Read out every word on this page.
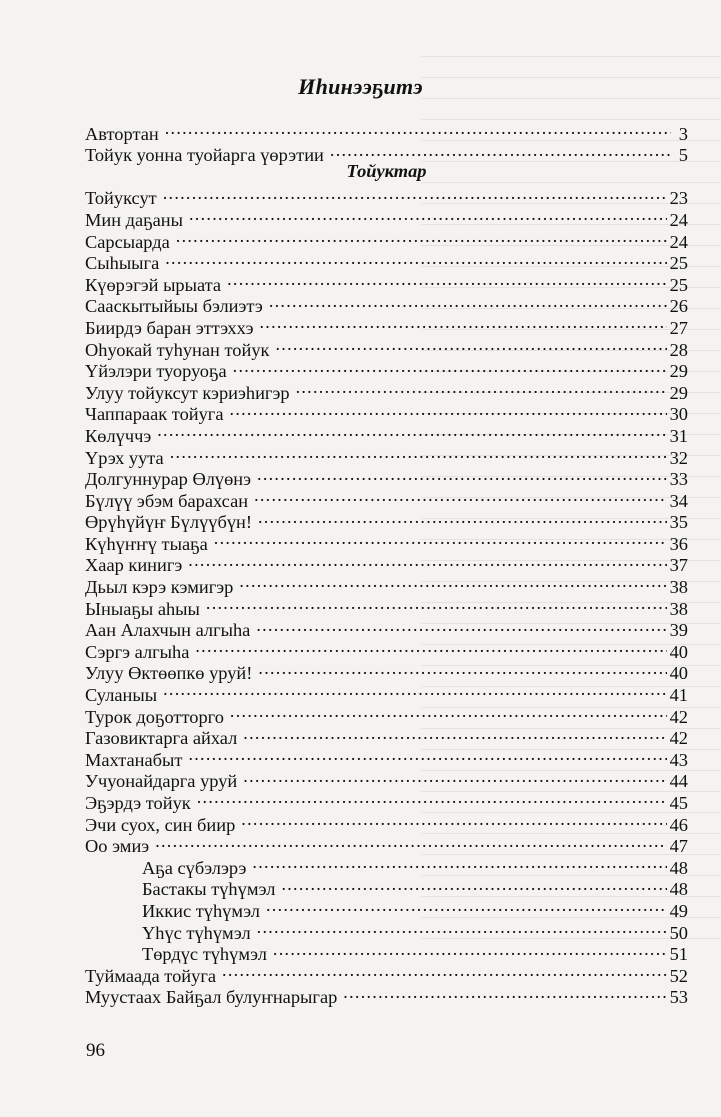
Иһинээҕитэ
Автортан . . .	3
Тойук уонна туойарга үөрэтии . . .	5
Тойуктар
Тойуксут . . .	23
Мин даҕаны . . .	24
Сарсыарда . . .	24
Сыһыыга . . .	25
Күөрэгэй ырыата . . .	25
Сааскытыйыы бэлиэтэ . . .	26
Биирдэ баран эттэххэ . . .	27
Оһуокай туһунан тойук . . .	28
Үйэлэри туоруоҕа . . .	29
Улуу тойуксут кэриэһигэр . . .	29
Чаппараак тойуга . . .	30
Көлүччэ . . .	31
Үрэх уута . . .	32
Долгуннурар Өлүөнэ . . .	33
Бүлүү эбэм барахсан . . .	34
Өрүһүйүҥ Бүлүүбүн! . . .	35
Күһүҥҥү тыаҕа . . .	36
Хаар кинигэ . . .	37
Дьыл кэрэ кэмигэр . . .	38
Ыныаҕы аһыы . . .	38
Аан Алахчын алгыһа . . .	39
Сэргэ алгыһа . . .	40
Улуу Өктөөпкө уруй! . . .	40
Суланыы . . .	41
Турок доҕотторго . . .	42
Газовиктарга айхал . . .	42
Махтанабыт . . .	43
Учуонайдарга уруй . . .	44
Эҕэрдэ тойук . . .	45
Эчи суох, син биир . . .	46
Оо эмиэ . . .	47
Аҕа сүбэлэрэ . . .	48
Бастакы түһүмэл . . .	48
Иккис түһүмэл . . .	49
Үһүс түһүмэл . . .	50
Төрдүс түһүмэл . . .	51
Туймаада тойуга . . .	52
Муустаах Байҕал булуҥнарыгар . . .	53
96
